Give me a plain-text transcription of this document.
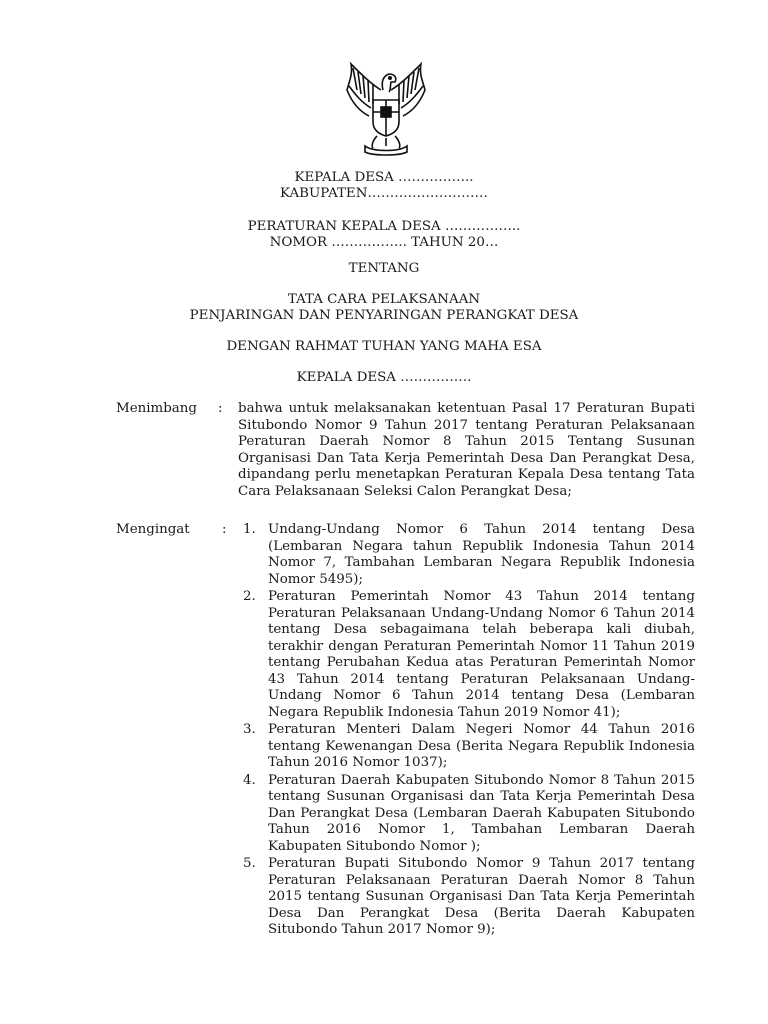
KEPALA DESA ……………..
KABUPATEN………………………
PERATURAN KEPALA DESA ……………..
NOMOR …………….. TAHUN 20…
TENTANG
TATA CARA PELAKSANAAN
PENJARINGAN DAN PENYARINGAN PERANGKAT DESA
DENGAN RAHMAT TUHAN YANG MAHA ESA
KEPALA DESA …………….
Menimbang : bahwa untuk melaksanakan ketentuan Pasal 17 Peraturan Bupati Situbondo Nomor 9 Tahun 2017 tentang Peraturan Pelaksanaan Peraturan Daerah Nomor 8 Tahun 2015 Tentang Susunan Organisasi Dan Tata Kerja Pemerintah Desa Dan Perangkat Desa, dipandang perlu menetapkan Peraturan Kepala Desa tentang Tata Cara Pelaksanaan Seleksi Calon Perangkat Desa;
Mengingat : 1. Undang-Undang Nomor 6 Tahun 2014 tentang Desa (Lembaran Negara tahun Republik Indonesia Tahun 2014 Nomor 7, Tambahan Lembaran Negara Republik Indonesia Nomor 5495);
2. Peraturan Pemerintah Nomor 43 Tahun 2014 tentang Peraturan Pelaksanaan Undang-Undang Nomor 6 Tahun 2014 tentang Desa sebagaimana telah beberapa kali diubah, terakhir dengan Peraturan Pemerintah Nomor 11 Tahun 2019 tentang Perubahan Kedua atas Peraturan Pemerintah Nomor 43 Tahun 2014 tentang Peraturan Pelaksanaan Undang-Undang Nomor 6 Tahun 2014 tentang Desa (Lembaran Negara Republik Indonesia Tahun 2019 Nomor 41);
3. Peraturan Menteri Dalam Negeri Nomor 44 Tahun 2016 tentang Kewenangan Desa (Berita Negara Republik Indonesia Tahun 2016 Nomor 1037);
4. Peraturan Daerah Kabupaten Situbondo Nomor 8 Tahun 2015 tentang Susunan Organisasi dan Tata Kerja Pemerintah Desa Dan Perangkat Desa (Lembaran Daerah Kabupaten Situbondo Tahun 2016 Nomor 1, Tambahan Lembaran Daerah Kabupaten Situbondo Nomor );
5. Peraturan Bupati Situbondo Nomor 9 Tahun 2017 tentang Peraturan Pelaksanaan Peraturan Daerah Nomor 8 Tahun 2015 tentang Susunan Organisasi Dan Tata Kerja Pemerintah Desa Dan Perangkat Desa (Berita Daerah Kabupaten Situbondo Tahun 2017 Nomor 9);
